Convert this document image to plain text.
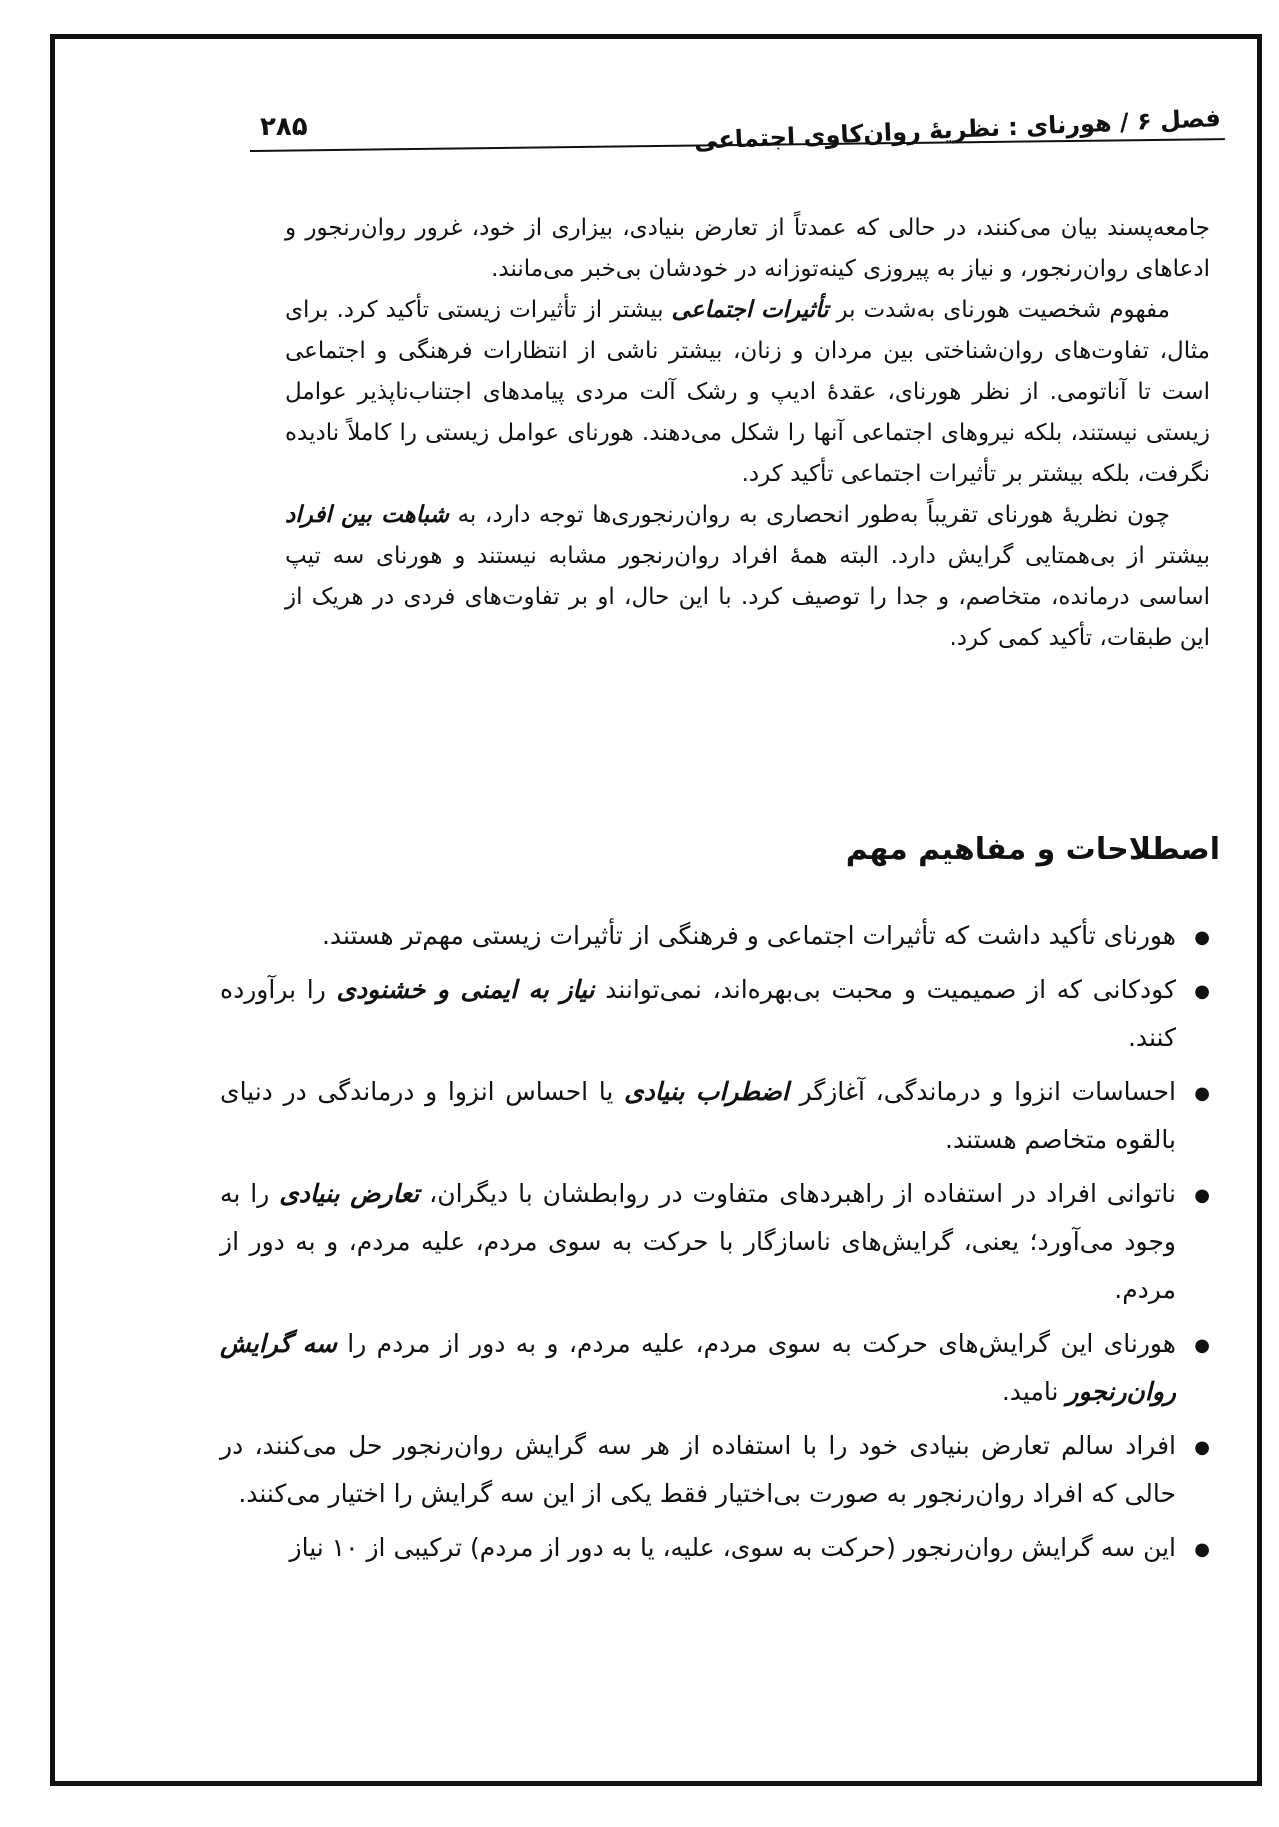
۲۸۵	فصل ۶ / هورنای : نظریهٔ روان‌کاوی اجتماعی

جامعه‌پسند بیان می‌کنند، در حالی که عمدتاً از تعارض بنیادی، بیزاری از خود، غرور روان‌رنجور و ادعاهای روان‌رنجور، و نیاز به پیروزی کینه‌توزانه در خودشان بی‌خبر می‌مانند.

مفهوم شخصیت هورنای به‌شدت بر تأثیرات اجتماعی بیشتر از تأثیرات زیستی تأکید کرد. برای مثال، تفاوت‌های روان‌شناختی بین مردان و زنان، بیشتر ناشی از انتظارات فرهنگی و اجتماعی است تا آناتومی. از نظر هورنای، عقدهٔ ادیپ و رشک آلت مردی پیامدهای اجتناب‌ناپذیر عوامل زیستی نیستند، بلکه نیروهای اجتماعی آنها را شکل می‌دهند. هورنای عوامل زیستی را کاملاً نادیده نگرفت، بلکه بیشتر بر تأثیرات اجتماعی تأکید کرد.

چون نظریهٔ هورنای تقریباً به‌طور انحصاری به روان‌رنجوری‌ها توجه دارد، به شباهت بین افراد بیشتر از بی‌همتایی گرایش دارد. البته همهٔ افراد روان‌رنجور مشابه نیستند و هورنای سه تیپ اساسی درمانده، متخاصم، و جدا را توصیف کرد. با این حال، او بر تفاوت‌های فردی در هریک از این طبقات، تأکید کمی کرد.

اصطلاحات و مفاهیم مهم
● هورنای تأکید داشت که تأثیرات اجتماعی و فرهنگی از تأثیرات زیستی مهم‌تر هستند.
● کودکانی که از صمیمیت و محبت بی‌بهره‌اند، نمی‌توانند نیاز به ایمنی و خشنودی را برآورده کنند.
● احساسات انزوا و درماندگی، آغازگر اضطراب بنیادی یا احساس انزوا و درماندگی در دنیای بالقوه متخاصم هستند.
● ناتوانی افراد در استفاده از راهبردهای متفاوت در روابطشان با دیگران، تعارض بنیادی را به وجود می‌آورد؛ یعنی، گرایش‌های ناسازگار با حرکت به سوی مردم، علیه مردم، و به دور از مردم.
● هورنای این گرایش‌های حرکت به سوی مردم، علیه مردم، و به دور از مردم را سه گرایش روان‌رنجور نامید.
● افراد سالم تعارض بنیادی خود را با استفاده از هر سه گرایش روان‌رنجور حل می‌کنند، در حالی که افراد روان‌رنجور به صورت بی‌اختیار فقط یکی از این سه گرایش را اختیار می‌کنند.
● این سه گرایش روان‌رنجور (حرکت به سوی، علیه، یا به دور از مردم) ترکیبی از ۱۰ نیاز
